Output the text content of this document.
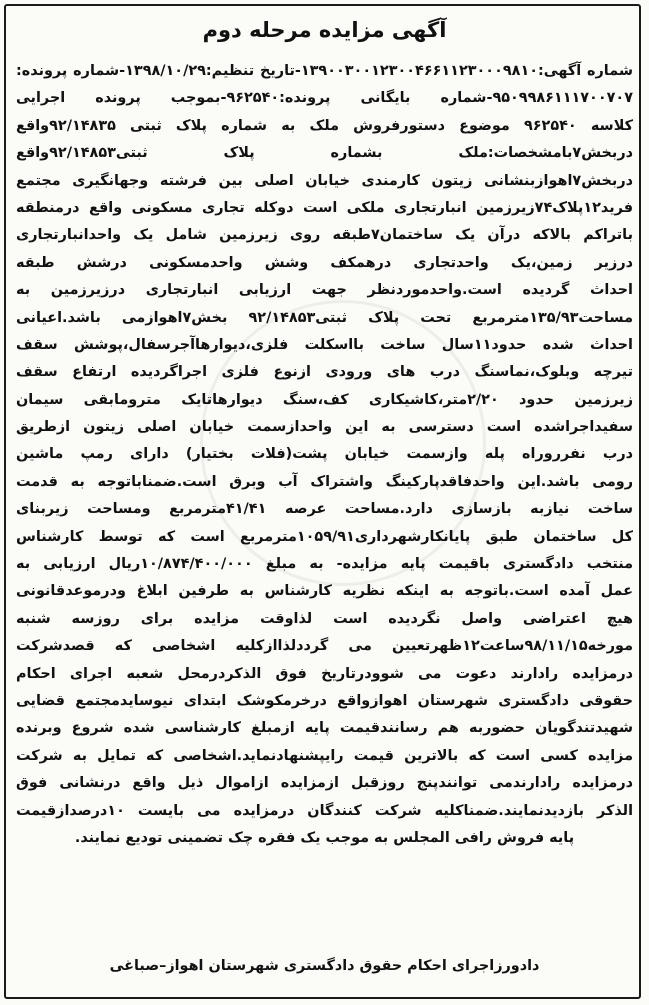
آگهی مزایده مرحله دوم
شماره آگهی:۱۳۹۰۰۳۰۰۱۲۳۰۰۴۶۶۱۱۲۳۰۰۰۹۸۱۰-تاریخ تنظیم:۱۳۹۸/۱۰/۲۹-شماره پرونده:
۹۵۰۹۹۸۶۱۱۱۷۰۰۷۰۷-شماره بایگانی پرونده:۹۶۲۵۴۰-بموجب پرونده اجرایی
کلاسه ۹۶۲۵۴۰ موضوع دستورفروش ملک به شماره پلاک ثبتی ۹۲/۱۴۸۳۵واقع
دربخش۷بامشخصات:ملک بشماره پلاک ثبتی۹۲/۱۴۸۵۳واقع
دربخش۷اهوازبنشانی زیتون کارمندی خیابان اصلی بین فرشته وجهانگیری مجتمع
فرید۱۲پلاک۷۴زیرزمین انبارتجاری ملکی است دوکله تجاری مسکونی واقع درمنطقه
باتراکم بالاکه درآن یک ساختمان۷طبقه روی زیرزمین شامل یک واحدانبارتجاری
درزیر زمین،یک واحدتجاری درهمکف وشش واحدمسکونی درشش طبقه
احداث گردیده است.واحدموردنظر جهت ارزیابی انبارتجاری درزیرزمین به
مساحت۱۳۵/۹۳مترمربع تحت پلاک ثبتی۹۲/۱۴۸۵۳ بخش۷اهوازمی باشد.اعیانی
احداث شده حدود۱۱سال ساخت بااسکلت فلزی،دیوارهاآجرسفال،پوشش سقف
تیرچه وبلوک،نماسنگ درب های ورودی ازنوع فلزی اجراگردیده ارتفاع سقف
زیرزمین حدود ۲/۲۰متر،کاشیکاری کف،سنگ دیوارهاتایک مترومابقی سیمان
سفیداجراشده است دسترسی به این واحدازسمت خیابان اصلی زیتون ازطریق
درب نفرروراه پله وازسمت خیابان پشت(فلات بختیار) دارای رمپ ماشین
رومی باشد.این واحدفاقدپارکینگ واشتراک آب وبرق است.ضمناباتوجه به قدمت
ساخت نیازبه بازسازی دارد.مساحت عرصه ۴۱/۴۱مترمربع ومساحت زیربنای
کل ساختمان طبق پایانکارشهرداری۱۰۵۹/۹۱مترمربع است که توسط کارشناس
منتخب دادگستری باقیمت پایه مزایده- به مبلغ ۱۰/۸۷۴/۴۰۰/۰۰۰ریال ارزیابی به
عمل آمده است.باتوجه به اینکه نظریه کارشناس به طرفین ابلاغ ودرموعدقانونی
هیچ اعتراضی واصل نگردیده است لذاوقت مزایده برای روزسه شنبه
مورخه۹۸/۱۱/۱۵ساعت۱۲ظهرتعیین می گرددلذاازکلیه اشخاصی که قصدشرکت
درمزایده رادارند دعوت می شوودرتاریخ فوق الذکردرمحل شعبه اجرای احکام
حقوقی دادگستری شهرستان اهوازواقع درخرمکوشک ابتدای نیوسایدمجتمع قضایی
شهیدتندگویان حضوربه هم رسانندقیمت پایه ازمبلغ کارشناسی شده شروع وبرنده
مزایده کسی است که بالاترین قیمت رایپشنهادنماید.اشخاصی که تمایل به شرکت
درمزایده رادارندمی توانندپنج روزقبل ازمزایده ازاموال ذیل واقع درنشانی فوق
الذکر بازدیدنمایند.ضمناکلیه شرکت کنندگان درمزایده می بایست ۱۰درصدازقیمت
پایه فروش رافی المجلس به موجب یک فقره چک تضمینی تودیع نمایند.
دادورزاجرای احکام حقوق دادگستری شهرستان اهواز–صباغی
